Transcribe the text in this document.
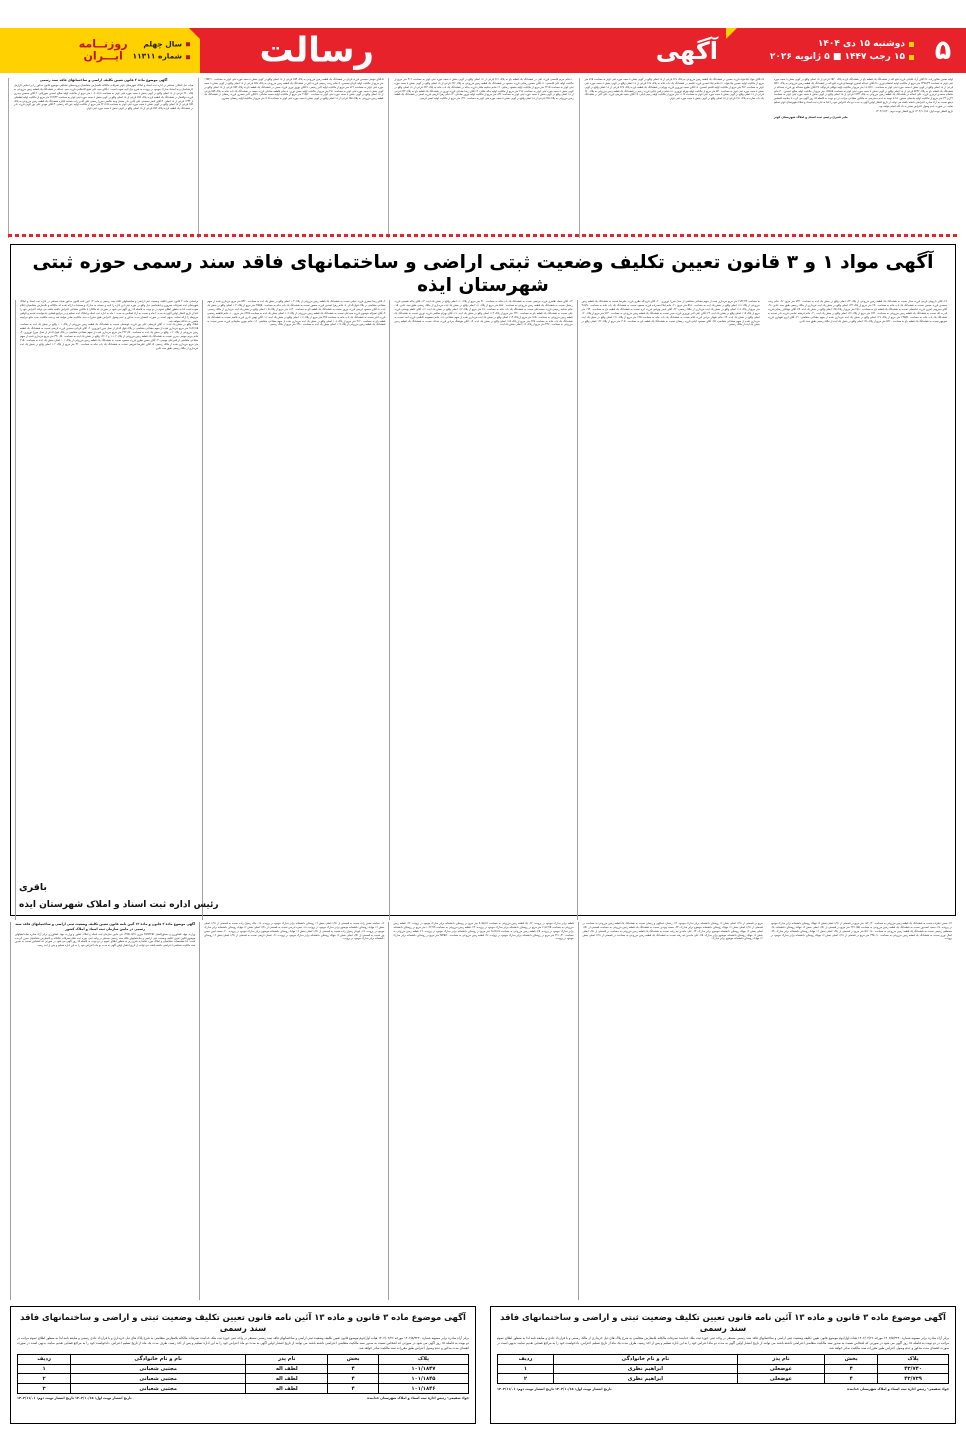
۵
دوشنبه ۱۵ دی ۱۴۰۴
۱۵ رجب ۱۴۴۷ ■ ۵ ژانویه ۲۰۲۶
آگهی
رسالت
سال چهلم
شماره ۱۱۳۱۱
روزنــامه
ایـــران
آگهی موضوع ماده ۳ قانون تعیین تکلیف اراضی و ساختمانهای فاقد سند رسمی
هیات حل اختلاف مستقر در اداره ثبت اسناد و املاک شهرستان کوثر تصرفات مالکانه بلامعارض متقاضیان پرونده‌های تشکیلی موضوع قانون مذکور را بر اساس گزارش کارشناسان و به استناد مدارک موجود در پرونده به شرح ذیل تایید نموده است: ۱-آقای سید علی شیخ الاسلامی فرزند سید عبداله در ششدانگ یک قطعه زمین مزروعی به پلاک ۶۶۰ فرعی از ۱۸ اصلی واقع در گویی بخش ۸ سجد حوزه ثبتی کوثر به مساحت ۱۰۶۰۸/۱۸ متر مربع از مالکیت اولیه صالح احمدی سورپالی. ۲-آقای محسن حیدری فرزند ذوالفقار در ششدانگ یک قطعه باغ به پلاک ۶۵۶ فرعی از ۱۸ اصلی واقع در گویی بخش ۸ سجد حوزه ثبتی کوثر به مساحت ۲۶۲/۴۴ متر مربع از مالکیت اولیه لطفعلی از ۱۳۴۴ فرعی از ۱۸ اصلی. ۳-آقای ناصر محسنی علی آبادی نادر حسان وجه خالصی میرزا رحمنی علی آبادی زاده مستند انگیزه ششدانگ یک قطعه زمین مزروعی به پلاک ۶۵۶ فرعی از ۱۸ اصلی واقع در گویی بخش ۸ سجد حوزه ثبتی کوثر به مساحت ۶۲۱/۱۵ متر مربع از مالکیت اولیه عین اله رحمتی. ۴-آقای مهدی علی پور گویی فرزند نادر در ششدانگ یک قطعه باغ به پلاک ۶۵۲ فرعی از ۱۸ اصلی واقع در گویی بخش ۸ سجد حوزه ثبتی کوثر.
۵-آقای موسی محمدی فرزند قربان در ششدانگ یک قطعه زمین مزروعی به پلاک ۶۵۴ فرعی از ۱۸ اصلی واقع در گویی بخش ۸ سجد حوزه ثبتی کوثر به مساحت ۱۳۵۳/۱۰ متر مربع از مالکیت اولیه قربان محمدی. ۶-خانم زینب رحیمی فرزند اکبر در ششدانگ یک قطعه زمین مزروعی به پلاک ۶۵۷ فرعی از ۱۸ اصلی واقع در گویی بخش ۸ سجد حوزه ثبتی کوثر به مساحت ۷۲۲ متر مربع از مالکیت اولیه اکبر رحیمی. ۷-آقای بهروز نوری فرزند حسن در ششدانگ یک قطعه باغ به پلاک ۶۵۳ فرعی از ۱۸ اصلی واقع در گویی بخش ۸ سجد حوزه ثبتی کوثر به مساحت ۴۸۱ متر مربع از مالکیت اولیه حسن نوری. ۸-خانم فاطمه صادقی فرزند محمد در ششدانگ یک باب خانه به پلاک ۶۵۹ فرعی از ۱۸ اصلی واقع در گویی بخش ۸ سجد حوزه ثبتی کوثر به مساحت ۳۱۵/۲۰ متر مربع از مالکیت اولیه محمد صادقی. ۹-آقای اکبر جعفری فرزند رمضان در ششدانگ یک قطعه زمین مزروعی به پلاک ۶۵۸ فرعی از ۱۸ اصلی واقع در گویی بخش ۸ سجد حوزه ثبتی کوثر به مساحت ۹۰۵ متر مربع از مالکیت اولیه رمضان جعفری.
۱۰-خانم مریم قاسمی فرزند علی در ششدانگ یک قطعه باغ به پلاک ۶۶۱ فرعی از ۱۸ اصلی واقع در گویی بخش ۸ سجد حوزه ثبتی کوثر به مساحت ۴۱۲ متر مربع از مالکیت اولیه علی قاسمی. ۱۱-آقای حسین رضایی فرزند محمود در ششدانگ یک قطعه زمین مزروعی به پلاک ۶۶۲ فرعی از ۱۸ اصلی واقع در گویی بخش ۸ سجد حوزه ثبتی کوثر به مساحت ۲۳۱۵ متر مربع از مالکیت اولیه محمود رضایی. ۱۲-خانم سکینه ملکی فرزند یداله در ششدانگ یک باب خانه به پلاک ۶۶۳ فرعی از ۱۸ اصلی واقع در گویی بخش ۸ سجد حوزه ثبتی کوثر به مساحت ۲۷۷ متر مربع از مالکیت اولیه یداله ملکی. ۱۳-آقای رضا صادقی فرزند نوروز در ششدانگ یک قطعه باغ به پلاک ۶۶۴ فرعی از ۱۸ اصلی واقع در گویی بخش ۸ سجد حوزه ثبتی کوثر به مساحت ۸۴۶ متر مربع از مالکیت اولیه نوروز صادقی. ۱۴-خانم زهرا کریمی فرزند اصغر در ششدانگ یک قطعه زمین مزروعی به پلاک ۶۶۵ فرعی از ۱۸ اصلی واقع در گویی بخش ۸ سجد حوزه ثبتی کوثر به مساحت ۱۴۲۰ متر مربع از مالکیت اولیه اصغر کریمی.
۱۵-آقای جواد نیک‌خواه فرزند حسین در ششدانگ یک قطعه زمین مزروعی به پلاک ۶۶۷ فرعی از ۱۸ اصلی واقع در گویی بخش ۸ سجد حوزه ثبتی کوثر به مساحت ۷۶۵ متر مربع از مالکیت اولیه حسین نیک‌خواه. ۱۶-خانم لیلا احمدی فرزند قاسم در ششدانگ یک باب خانه به پلاک ۶۶۸ فرعی از ۱۸ اصلی واقع در گویی بخش ۸ سجد حوزه ثبتی کوثر به مساحت ۳۸۲ متر مربع از مالکیت اولیه قاسم احمدی. ۱۷-آقای سعید نوروزی فرزند بهرام در ششدانگ یک قطعه باغ به پلاک ۶۶۹ فرعی از ۱۸ اصلی واقع در گویی بخش ۸ سجد حوزه ثبتی کوثر به مساحت ۵۳۰ متر مربع از مالکیت اولیه بهرام نوروزی. ۱۸-خانم نرگس بابایی فرزند رحیم در ششدانگ یک قطعه زمین مزروعی به پلاک ۶۷۰ فرعی از ۱۸ اصلی واقع در گویی بخش ۸ سجد حوزه ثبتی کوثر به مساحت ۱۱۰۵ متر مربع از مالکیت اولیه رحیم بابایی. ۱۹-آقای مجید شریفی فرزند علی اکبر در ششدانگ یک باب مغازه به پلاک ۶۷۱ فرعی از ۱۸ اصلی واقع در گویی بخش ۸ سجد حوزه ثبتی کوثر.
اولیه حسین صالح زاده. ۲۷-آقای آزاد باقبانی فرزند فتح اله در ششدانگ یک قطعه باغ در ششدانگ باغ به پلاک ۶۵۲۰ فرعی از ۱۸ اصلی واقع در گویی بخش ۸ سجد حوزه ثبتی کوثر به مساحت ۲۴۹۸/۴۴ متر مربع از مالکیت اولیه احتشام نوری. ۲۸-آقای عبداله اصغری توسط او فرزند فتح اله در ششدانگ یک قطعه زمین مزروعی به پلاک ۶۵۲۱ فرعی از ۱۸ اصلی واقع در گویی بخش ۸ سجد حوزه ثبتی کوثر به مساحت ۱۸۰۵۲/۱۰ متر مربع از مالکیت اولیه بیوقلی فردوآباد. ۲۹-آقای شلوخ حمداله پور فرزند حمداله در ششدانگ یک قطعه باغ به پلاک ۵۲۴۲ فرعی از ۱۸ اصلی واقع در گویی بخش ۸ سجد حوزه ثبتی کوثر به مساحت ۱۶۵/۸۵ متر مربع از مالکیت اولیه صالح احمدی. ۳۰-خانم خاتمام محمدی لرنیزی فرزند علی کنعانه در ششدانگ یک قطعه زمین مزروعی به پلاک ۶۲۴۳ فرعی از ۱۸ اصلی واقع در گویی بخش ۸ سجد حوزه ثبتی کوثر به مساحت ۴۲ریز ۴۴ متر مربع از مالکیت اولیه جاجعلی سخور. لذا با توجه به عدم دسترسی به مالکین مشاعی مراتب در دو نوبت به فاصله ۱۵ روز آگهی می گردد تا چنانچه اشخاص ذینفع نسبت به آراء صادره اعتراضی داشته باشند می توانند از تاریخ انتشار اولین آگهی به مدت دو ماه اعتراض خود را کتبا به اداره ثبت اسناد و املاک شهرستان کوثر تسلیم نمایند. در صورت عدم وصول اعتراض معتبر به داد گاه انجام خواهد بود.
تاریخ انتشار نوبت اول: ۱۴۰۴/۱۰/۱۵ تاریخ انتشار نوبت دوم: ۱۴۰۴/۱۱/۳۰
جابر قنبری-رئیس ثبت اسناد و املاک شهرستان کوثر
آگهی مواد ۱ و ۳ قانون تعیین تکلیف وضعیت ثبتی اراضی و ساختمانهای فاقد سند رسمی حوزه ثبتی شهرستان ایذه
براساس ماده ۳ قانون تعیین تکلیف وضعیت ثبتی اراضی و ساختمانهای فاقد سند رسمی و ماده ۱۳ آئین نامه قانون مذکور هیئت مستقر در اداره ثبت اسناد و املاک شهرستان ایذه تصرفات مفروزی و اشخاصی ذیل واقع در حوزه ثبتی این اداره را تایید و مستند به مدارک و مستندات ارائه شده که مالکانه و بلامعارض متقاضیان اعلام نموده است لذا به منظور اطلاع عموم در دو نوبت به فاصله ۱۵ روز آگهی می شود در صورتی که مالکان یا مالکین مشاعی اعتراض داشته باشند می توانند اعتراض خود را کتبا از تاریخ انتشار اولین آگهی به مدت ۲ ماه و نسبت به آراء اصلاحی به مدت ۱ ماه به اداره ثبت اسناد و املاک ایذه تسلیم و در مراجع قضایی دادخواست تقدیم و گواهی مربوطه را ارائه نمایند. بدیهی است در صورت انقضای مدت مذکور و عدم وصول اعتراض طبق مقررات سند مالکیت صادر خواهد شد و سند مالکیت جدید مانع مراجعه متضرر به دادگاه نخواهد شد.
املاک واقع در بخش یک ایذه: ۱- آقای فرحعلی علی پور فرزند عوضعلی نسبت به ششدانگ یک قطعه زمین مزروعی از پلاک ۱۰۱ واقع در بخش یک ایذه به مساحت ۹۱۶۲/۸۵ متر مربع خریداری شده از سهم مشاعی متقاضی در پلاک فوق الذکر از نسل میرزا نوروزی. ۲- آقای قربانی سعیدی فرزند نارضی نسبت به ششدانگ یک قطعه زمین مزروعی از پلاک ۱۰۲ واقع در بخش یک ایذه به مساحت ۴۲۲۱/۹۰ متر مربع خریداری شده از سهم مشاعی متقاضی در پلاک فوق الذکر از نسل میرزا نوروزی. ۳- خانم مریم موسی بیدری نسبت به ششدانگ یک قطعه زمین مزروعی از پلاک ۱۰۲-۱ و ۱۲۶۰۲ واقع در بخش یک ایذه به مساحت ۳۴۱۰/۵۰ متر مربع خریداری شده از سهم مشاعی متقاضی از قنبرعلی موسی. ۴- آقای حسن نظری فرزند محمود نسبت به ششدانگ یک قطعه زمین مزروعی از پلاک ۱۰۱ اصلی بخش یک ایذه به مساحت ۲۱۵۰ متر مربع خریداری شده از مالک رسمی. ۵- آقای علیرضا شریفی نسبت به ششدانگ یک باب خانه به مساحت ۳۲۰ متر مربع از پلاک ۱۰۲ اصلی واقع در بخش یک ایذه خریداری از مالک رسمی طبق سند عادی.
۶- آقای رضا جعفری فرزند عباس نسبت به ششدانگ یک قطعه زمین مزروعی از پلاک ۱۰۳ اصلی واقع در بخش یک ایذه به مساحت ۵۴۲۰ متر مربع خریداری شده از سهم مشاعی متقاضی در پلاک فوق الذکر. ۷- خانم زهرا احمدی فرزند منصور نسبت به ششدانگ یک باب خانه به مساحت ۲۹۵/۵۰ متر مربع از پلاک ۱۰۴ اصلی واقع در بخش یک ایذه. ۸- آقای محمود کریمی فرزند نوروز نسبت به ششدانگ یک قطعه باغ به مساحت ۱۸۴۰ متر مربع از پلاک ۱۰۵ اصلی واقع در بخش یک ایذه خریداری از مالک رسمی. ۹- آقای نصراله موسوی فرزند سیدعلی نسبت به ششدانگ یک قطعه زمین مزروعی از پلاک ۱۰۶ اصلی بخش یک ایذه به مساحت ۷۳۶۵ متر مربع. ۱۰- خانم فاطمه رستمی فرزند اکبر نسبت به ششدانگ یک باب خانه به مساحت ۲۴۵ متر مربع از پلاک ۱۰۷ اصلی واقع در بخش یک ایذه. ۱۱- آقای بهمن نادری فرزند قاسم نسبت به ششدانگ یک قطعه باغ به مساحت ۳۱۲۰ متر مربع از پلاک ۱۰۸ اصلی واقع در بخش یک ایذه خریداری شده از سهم مشاعی متقاضی. ۱۲- خانم مهری سلیمانی فرزند حسن نسبت به ششدانگ یک قطعه زمین مزروعی از پلاک ۱۰۹ اصلی بخش یک ایذه به مساحت ۶۴۸۰ متر مربع از مالک رسمی.
۱۳- آقای سجاد طاهری فرزند مرتضی نسبت به ششدانگ یک باب خانه به مساحت ۳۱۰ متر مربع از پلاک ۱۱۰ اصلی واقع در بخش یک ایذه. ۱۴- آقای یداله شفیعی فرزند رحمان نسبت به ششدانگ یک قطعه زمین مزروعی به مساحت ۵۸۷۰ متر مربع از پلاک ۱۱۱ اصلی واقع در بخش یک ایذه خریداری از مالک رسمی طبق سند عادی. ۱۵- خانم سکینه رحیمی فرزند محمدعلی نسبت به ششدانگ یک باب خانه به مساحت ۲۸۰ متر مربع از پلاک ۱۱۲ اصلی واقع در بخش یک ایذه. ۱۶- آقای کاظم یوسفی فرزند علی نسبت به ششدانگ یک قطعه باغ به مساحت ۲۳۶۰ متر مربع از پلاک ۱۱۳ اصلی واقع در بخش یک ایذه. ۱۷- آقای بهرام صالحی فرزند نوروز نسبت به ششدانگ یک قطعه زمین مزروعی به مساحت ۹۱۵۰ متر مربع از پلاک ۱۱۴ اصلی واقع در بخش یک ایذه خریداری شده از سهم مشاعی. ۱۸- خانم معصومه کاظمی فرزند اسد نسبت به ششدانگ یک باب خانه به مساحت ۲۲۵ متر مربع از پلاک ۱۱۵ اصلی واقع در بخش یک ایذه. ۱۹- آقای هوشنگ مرادی فرزند خداداد نسبت به ششدانگ یک قطعه زمین مزروعی به مساحت ۴۳۷۰ متر مربع از پلاک ۱۱۶ اصلی بخش یک ایذه.
به مساحت ۲۸۴۲/۲۴ متر مربع خریداری شده از سهم مشاعی متقاضی از نسل میرزا نوروزی. ۲۰- آقای فرج اله نظری فرزند علیرضا نسبت به ششدانگ یک قطعه زمین مزروعی از پلاک ۱۱۷ اصلی واقع در بخش یک ایذه به مساحت ۵۶۸۰ متر مربع. ۲۱- خانم لیلا احمدزاده فرزند محمود نسبت به ششدانگ یک باب خانه به مساحت ۳۱۵/۷۰ متر مربع از پلاک ۱۱۸ اصلی واقع در بخش یک ایذه خریداری از مالک رسمی. ۲۲- آقای ناصر بهرامی فرزند کرم نسبت به ششدانگ یک قطعه باغ به مساحت ۱۹۴۰ متر مربع از پلاک ۱۱۹ اصلی واقع در بخش یک ایذه. ۲۳- آقای علی اکبر نوروزی فرزند حیدر نسبت به ششدانگ یک قطعه زمین مزروعی به مساحت ۷۲۳۰ متر مربع از پلاک ۱۲۰ اصلی واقع در بخش یک ایذه. ۲۴- خانم شهناز مرادی فرزند غلام نسبت به ششدانگ یک باب خانه به مساحت ۲۶۵ متر مربع از پلاک ۱۲۱ اصلی واقع در بخش یک ایذه خریداری شده از سهم مشاعی متقاضی. ۲۵- آقای مسعود کیانی فرزند رمضان نسبت به ششدانگ یک قطعه باغ به مساحت ۴۰۵۰ متر مربع از پلاک ۱۲۲ اصلی واقع در بخش یک ایذه از مالک رسمی.
۲۶- آقای داریوش فرجی فرزند ستار نسبت به ششدانگ یک قطعه زمین مزروعی از پلاک ۱۲۳ اصلی واقع در بخش یک ایذه به مساحت ۸۳۴۰ متر مربع. ۲۷- خانم زینب محمدی فرزند حسین نسبت به ششدانگ یک باب خانه به مساحت ۲۹۰ متر مربع از پلاک ۱۲۴ اصلی واقع در بخش یک ایذه خریداری از مالک رسمی طبق سند عادی. ۲۸- آقای سیروس امیری فرزند عباسعلی نسبت به ششدانگ یک قطعه باغ به مساحت ۲۷۸۰ متر مربع از پلاک ۱۲۵ اصلی واقع در بخش یک ایذه. ۲۹- آقای جهانگیر رضایی فرزند قدرت اله نسبت به ششدانگ یک قطعه زمین مزروعی به مساحت ۶۹۲۰ متر مربع از پلاک ۱۲۶ اصلی واقع در بخش یک ایذه. ۳۰- خانم فرشته عباسی فرزند نادر نسبت به ششدانگ یک باب خانه به مساحت ۲۳۵/۵۰ متر مربع از پلاک ۱۲۷ اصلی واقع در بخش یک ایذه خریداری شده از سهم مشاعی متقاضی. ۳۱- آقای ایرج شهبازی فرزند منوچهر نسبت به ششدانگ یک قطعه باغ به مساحت ۵۲۶۰ متر مربع از پلاک ۱۲۸ اصلی واقع در بخش یک ایذه از مالک رسمی طبق سند عادی.
باقری
رئیس اداره ثبت اسناد و املاک شهرستان ایذه
آگهی موضوع ماده ۳ قانون و ماده ۱۳ آئین نامه قانون تعیین تکلیف وضعیت ثبتی اراضی و ساختمانهای فاقد سند رسمی در مابین سازمان ثبت اسناد و املاک کشور
وزارت جهاد کشاورزی و دستورالعمل ۹۹/۹۳۲۵۲ مورخ ۱۳۹۹/۰۵/۲۱ فی مابین سازمان ثبت اسناد و املاک کشور و وزارت جهاد کشاورزی برابر آراء صادره هیات/هیاتهای موضوع قانون تعیین تکلیف وضعیت ثبتی اراضی و ساختمانهای فاقد سند رسمی مستقر در واحد ثبتی حوزه ثبت ملک تصرفات مالکانه و بلامعارض متقاضیان محرز گردیده است. لذا مشخصات متقاضیان و املاک مورد تقاضا به شرح زیر به منظور اطلاع عموم در دو نوبت به فاصله ۱۵ روز آگهی می شود در صورتی که اشخاص نسبت به صدور سند مالکیت متقاضی اعتراضی داشته باشند می توانند از تاریخ انتشار اولین آگهی به مدت دو ماه اعتراض خود را به این اداره تسلیم و پس از اخذ رسید.
۱۶- سیامند حسن زاده نسبت به قسمتی از ۱/۹۱ اصلی بخش ۱۶ روستای دانشخانه برابر مدارک موجود در پرونده. ۱۷- خالد رسول زاده نسبت به قسمتی از ۱/۹۱ اصلی بخش ۱۶ مهاباد روستای دانشخانه موضوع برابر مدارک موجود در پرونده. ۱۸- حمزه ادریس نسبت به قسمتی از ۱/۹۱ اصلی بخش ۱۶ مهاباد روستای دانشخانه برابر مدارک موجود در پرونده. ۱۹- ابوبکر رسول زاده نسبت به قسمتی از ۱/۹۱ اصلی بخش ۱۶ مهاباد روستای دانشخانه موضوع برابر مدارک موجود در پرونده. ۲۰- محمد امین حسن پور نسبت به قسمتی از ۱/۹۱ اصلی بخش ۱۶ مهاباد روستای دانشخانه برابر مدارک موجود در پرونده. ۲۱- عثمان کریمی نسبت به قسمتی از ۱/۹۱ اصلی بخش ۱۶ روستای دانشخانه برابر مدارک موجود در پرونده.
قطعه برابر مدارک موجود در پرونده. ۲۲- یک قطعه زمین مزروعی به مساحت ۹۰۵۸/۸۲ متر مربع در روستای دانشخانه برابر مدارک موجود در پرونده. ۲۳- قطعه زمین مزروعی به مساحت ۶۱۸۲/۲۵ متر مربع در روستای دانشخانه برابر مدارک موجود در پرونده. ۲۴- قطعه زمین مزروعی به مساحت ۱۰۶۲/۲۹ متر مربع در روستای دانشخانه برابر مدارک موجود در پرونده. ۲۵- قطعه زمین مزروعی به مساحت ۲۸۶۶/۱۵ متر مربع در روستای دانشخانه برابر مدارک موجود در پرونده. ۲۶- قطعه زمین مزروعی به مساحت ۴۲۱۰/۴۰ متر مربع در روستای دانشخانه برابر مدارک موجود در پرونده. ۲۷- قطعه زمین مزروعی به مساحت ۳۵۴۵/۶۰ متر مربع در روستای دانشخانه برابر مدارک موجود در پرونده.
مربع در قسمتی از ۱/۹۱ اصلی بخش ۱۶ روستای دانشخانه برابر مدارک موجود. ۶۲- رحمان عبدالهی و رحمان نسبت به ششدانگ یک قطعه زمین مزروعی به مساحت در قسمتی از ۱/۹۱ اصلی بخش ۱۶ مهاباد روستای دانشخانه موضوع برابر مدارک. ۶۳- محمد پیوندی نسبت به ششدانگ یک قطعه زمین مزروعی به مساحت قسمتی از ۱/۹۱ اصلی بخش ۱۶ مهاباد روستای دانشخانه موضوع برابر مدارک. ۶۴- علی ماجدی نیه رشد نسبت به ششدانگ یک قطعه زمین مزروعی به مساحت در قسمتی از ۱/۹۱ اصلی بخش ۱۶ مهاباد روستای دانشخانه موضوع برابر مدارک. ۶۵- علی ماجدی نیه رشد نسبت به ششدانگ یک قطعه زمین مزروعی به مساحت در قسمتی از ۱/۹۱ اصلی بخش ۱۶ مهاباد روستای دانشخانه موضوع برابر مدارک.
۶۶- حسن علیزاده نسبت به ششدانگ یک قطعه زمین مزروعی به مساحت ۱۸۴۰/۳۰ متر مربع در قسمتی از ۱/۹۱ اصلی بخش ۱۶ مهاباد روستای دانشخانه برابر مدارک موجود در پرونده. ۶۷- سعید احمدپور نسبت به ششدانگ یک قطعه زمین مزروعی به مساحت ۲۳۶۰/۵۵ متر مربع در قسمتی از ۱/۹۱ اصلی بخش ۱۶ مهاباد روستای دانشخانه. ۶۸- مصطفی رحیمی نسبت به ششدانگ یک قطعه زمین مزروعی به مساحت ۵۱۲۰/۸۰ متر مربع در قسمتی از ۱/۹۱ اصلی بخش ۱۶ مهاباد روستای دانشخانه برابر مدارک. ۶۹- کمال نوری نسبت به ششدانگ یک قطعه زمین مزروعی به مساحت ۳۴۵۰/۱۰ متر مربع در قسمتی از ۱/۹۱ اصلی بخش ۱۶ مهاباد روستای دانشخانه برابر مدارک موجود در پرونده.
آگهی موضوع ماده ۳ قانون و ماده ۱۳ آئین نامه قانون تعیین تکلیف وضعیت ثبتی و اراضی و ساختمانهای فاقد سند رسمی
برابر آراء صادره برابر مصوبه شماره ۱۴۰۲/۵/۳۲۴۰ مورخه ۱۴۰۲/۰۲/۲۶ هیات اول/دوم موضوع قانون تعیین تکلیف وضعیت ثبتی اراضی و ساختمانهای فاقد سند رسمی مستقر در واحد ثبتی حوزه ثبت ملک خدابنده تصرفات مالکانه بلامعارض متقاضی به شرح پلاک های ذیل خریداری از مالک رسمی و با قرارداد عادی و مبایعه نامه لذا به منظور اطلاع عموم مراتب در دو نوبت به فاصله ۱۵ روز آگهی می شود در صورتی که اشخاص نسبت به صدور سند مالکیت متقاضی اعتراضی داشته باشند می توانند از تاریخ انتشار اولین آگهی به مدت دو ماه اعتراض خود را به این اداره تسلیم و پس از اخذ رسید، ظرف مدت یک ماه از تاریخ تسلیم اعتراض، دادخواست خود را به مراجع قضایی تقدیم نمایند. بدیهی است در صورت انقضای مدت مذکور و عدم وصول اعتراض طبق مقررات سند مالکیت صادر خواهد شد.
پلاک	بخش	نام پدر	نام و نام خانوادگی	ردیف
۴۳/۷۴۰	۴	عوضعلی	ابراهیم نظری	۱
۴۳/۷۳۹	۴	عوضعلی	ابراهیم نظری	۲
جواد شفیعی- رئیس اداره ثبت اسناد و املاک شهرستان خدابنده
تاریخ انتشار نوبت اول: ۱۴۰۴/۱۰/۱۵ تاریخ انتشار نوبت دوم: ۱۴۰۴/۱۱/۰۱
آگهی موضوع ماده ۳ قانون و ماده ۱۳ آئین نامه قانون تعیین تکلیف وضعیت ثبتی و اراضی و ساختمانهای فاقد سند رسمی
برابر آراء صادره برابر مصوبه شماره ۱۴۰۲/۵/۳۲۴۰ مورخه ۱۴۰۲/۰۲/۲۶ هیات اول/دوم موضوع قانون تعیین تکلیف وضعیت ثبتی اراضی و ساختمانهای فاقد سند رسمی مستقر در واحد ثبتی حوزه ثبت ملک خدابنده تصرفات مالکانه بلامعارض متقاضی به شرح پلاک های ذیل خریداری و با قرارداد عادی رسمی و مبایعه نامه لذا به منظور اطلاع عموم مراتب در دو نوبت به فاصله ۱۵ روز آگهی می شود در صورتی که اشخاص نسبت به صدور سند مالکیت متقاضی اعتراضی داشته باشند می توانند از تاریخ انتشار اولین آگهی به مدت دو ماه اعتراض خود را به این اداره تسلیم و پس از اخذ رسید، ظرف مدت یک ماه از تاریخ تسلیم اعتراض، دادخواست خود را به مراجع قضایی تقدیم نمایند. بدیهی است در صورت انقضای مدت مذکور و عدم وصول اعتراض طبق مقررات سند مالکیت صادر خواهد شد.
پلاک	بخش	نام پدر	نام و نام خانوادگی	ردیف
۱۰۱/۱۸۴۷	۴	لطف اله	مجتبی شعبانی	۱
۱۰۱/۱۸۴۵	۴	لطف اله	مجتبی شعبانی	۲
۱۰۱/۱۸۴۶	۴	لطف اله	مجتبی شعبانی	۳
جواد شفیعی- رئیس اداره ثبت اسناد و املاک شهرستان خدابنده
تاریخ انتشار نوبت اول: ۱۴۰۴/۱۰/۱۵ تاریخ انتشار نوبت دوم: ۱۴۰۴/۱۱/۰۱
